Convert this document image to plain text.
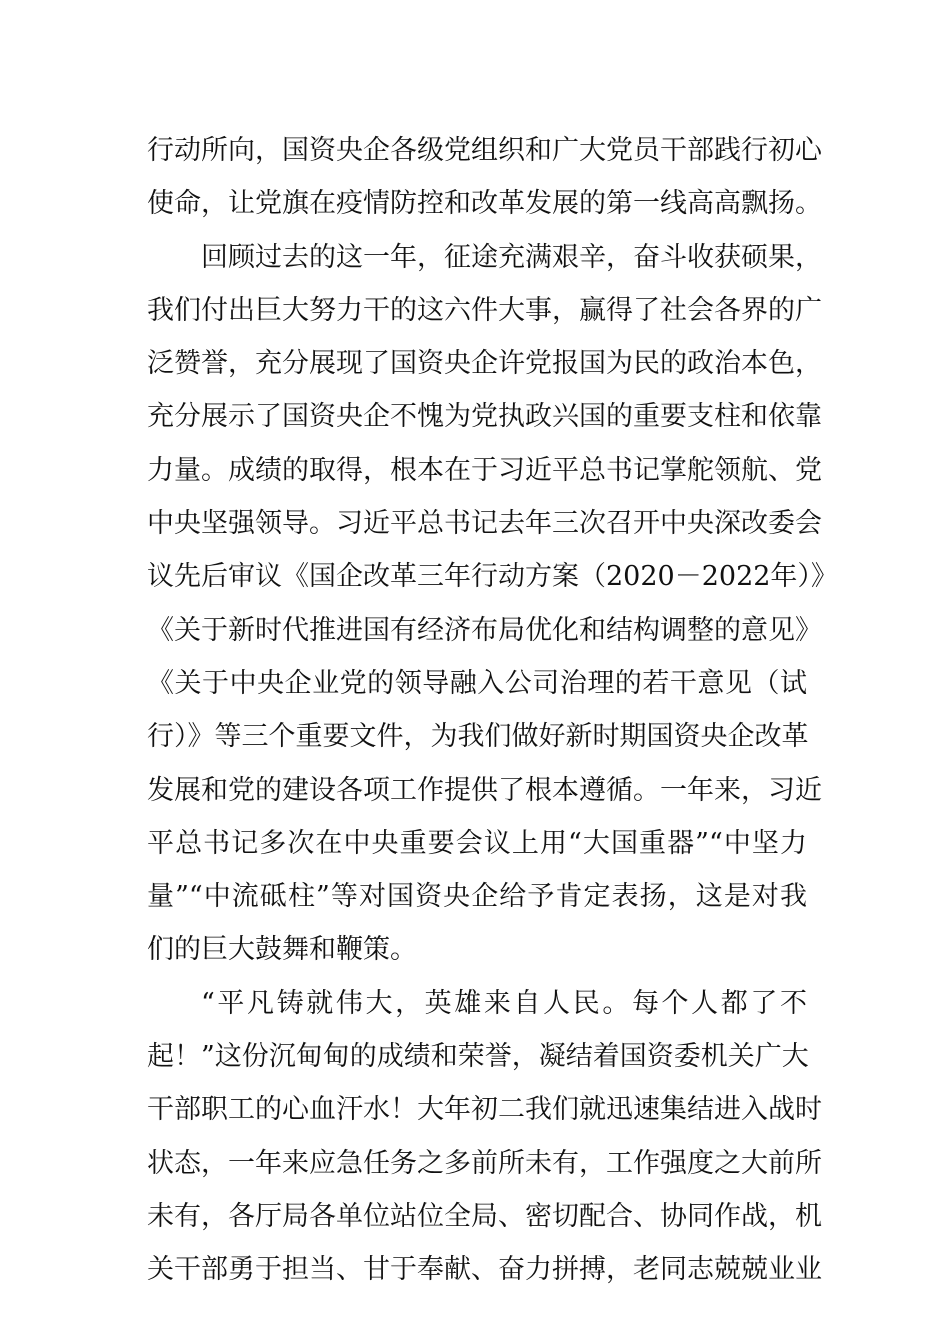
行动所向，国资央企各级党组织和广大党员干部践行初心
使命，让党旗在疫情防控和改革发展的第一线高高飘扬。
回顾过去的这一年，征途充满艰辛，奋斗收获硕果，
我们付出巨大努力干的这六件大事，赢得了社会各界的广
泛赞誉，充分展现了国资央企许党报国为民的政治本色，
充分展示了国资央企不愧为党执政兴国的重要支柱和依靠
力量。成绩的取得，根本在于习近平总书记掌舵领航、党
中央坚强领导。习近平总书记去年三次召开中央深改委会
议先后审议《国企改革三年行动方案（2020－2022年）》
《关于新时代推进国有经济布局优化和结构调整的意见》
《关于中央企业党的领导融入公司治理的若干意见（试
行）》等三个重要文件，为我们做好新时期国资央企改革
发展和党的建设各项工作提供了根本遵循。一年来，习近
平总书记多次在中央重要会议上用“大国重器”“中坚力
量”“中流砥柱”等对国资央企给予肯定表扬，这是对我
们的巨大鼓舞和鞭策。
“平凡铸就伟大，英雄来自人民。每个人都了不
起！”这份沉甸甸的成绩和荣誉，凝结着国资委机关广大
干部职工的心血汗水！大年初二我们就迅速集结进入战时
状态，一年来应急任务之多前所未有，工作强度之大前所
未有，各厅局各单位站位全局、密切配合、协同作战，机
关干部勇于担当、甘于奉献、奋力拼搏，老同志兢兢业业
